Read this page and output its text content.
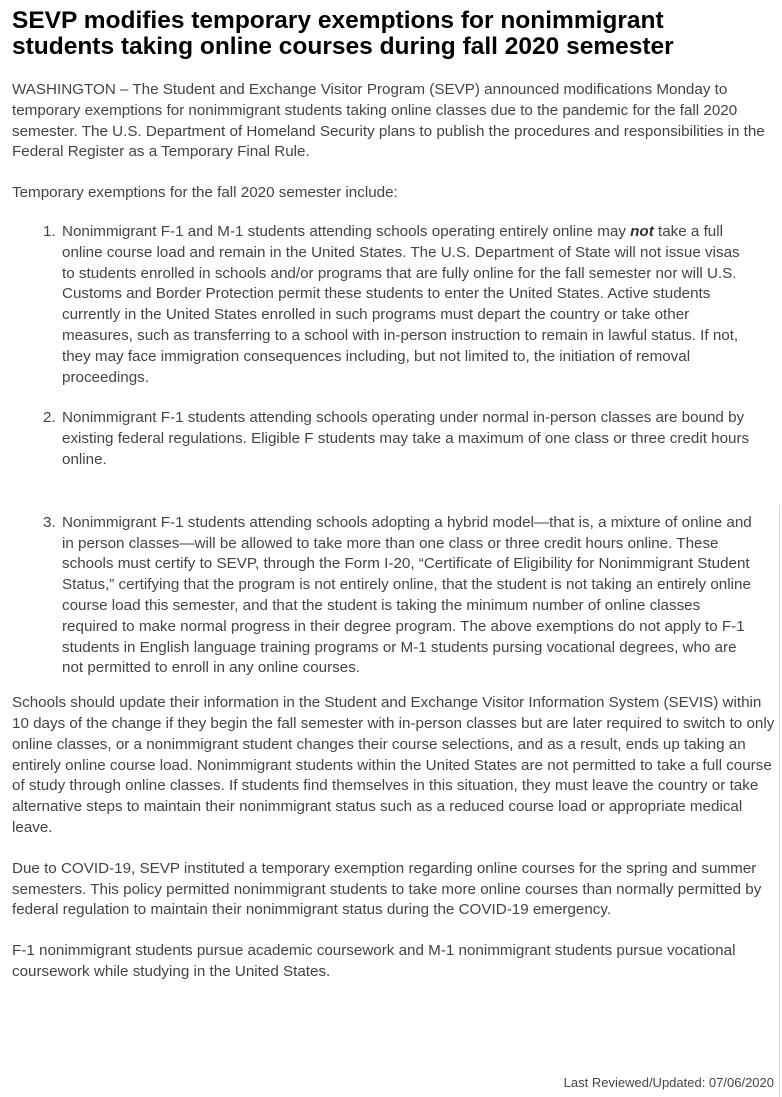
SEVP modifies temporary exemptions for nonimmigrant students taking online courses during fall 2020 semester

WASHINGTON – The Student and Exchange Visitor Program (SEVP) announced modifications Monday to temporary exemptions for nonimmigrant students taking online classes due to the pandemic for the fall 2020 semester. The U.S. Department of Homeland Security plans to publish the procedures and responsibilities in the Federal Register as a Temporary Final Rule.

Temporary exemptions for the fall 2020 semester include:

1. Nonimmigrant F-1 and M-1 students attending schools operating entirely online may not take a full online course load and remain in the United States. The U.S. Department of State will not issue visas to students enrolled in schools and/or programs that are fully online for the fall semester nor will U.S. Customs and Border Protection permit these students to enter the United States. Active students currently in the United States enrolled in such programs must depart the country or take other measures, such as transferring to a school with in-person instruction to remain in lawful status. If not, they may face immigration consequences including, but not limited to, the initiation of removal proceedings.
2. Nonimmigrant F-1 students attending schools operating under normal in-person classes are bound by existing federal regulations. Eligible F students may take a maximum of one class or three credit hours online.
3. Nonimmigrant F-1 students attending schools adopting a hybrid model—that is, a mixture of online and in person classes—will be allowed to take more than one class or three credit hours online. These schools must certify to SEVP, through the Form I-20, “Certificate of Eligibility for Nonimmigrant Student Status,” certifying that the program is not entirely online, that the student is not taking an entirely online course load this semester, and that the student is taking the minimum number of online classes required to make normal progress in their degree program. The above exemptions do not apply to F-1 students in English language training programs or M-1 students pursing vocational degrees, who are not permitted to enroll in any online courses.

Schools should update their information in the Student and Exchange Visitor Information System (SEVIS) within 10 days of the change if they begin the fall semester with in-person classes but are later required to switch to only online classes, or a nonimmigrant student changes their course selections, and as a result, ends up taking an entirely online course load. Nonimmigrant students within the United States are not permitted to take a full course of study through online classes. If students find themselves in this situation, they must leave the country or take alternative steps to maintain their nonimmigrant status such as a reduced course load or appropriate medical leave.

Due to COVID-19, SEVP instituted a temporary exemption regarding online courses for the spring and summer semesters. This policy permitted nonimmigrant students to take more online courses than normally permitted by federal regulation to maintain their nonimmigrant status during the COVID-19 emergency.

F-1 nonimmigrant students pursue academic coursework and M-1 nonimmigrant students pursue vocational coursework while studying in the United States.

Last Reviewed/Updated: 07/06/2020
